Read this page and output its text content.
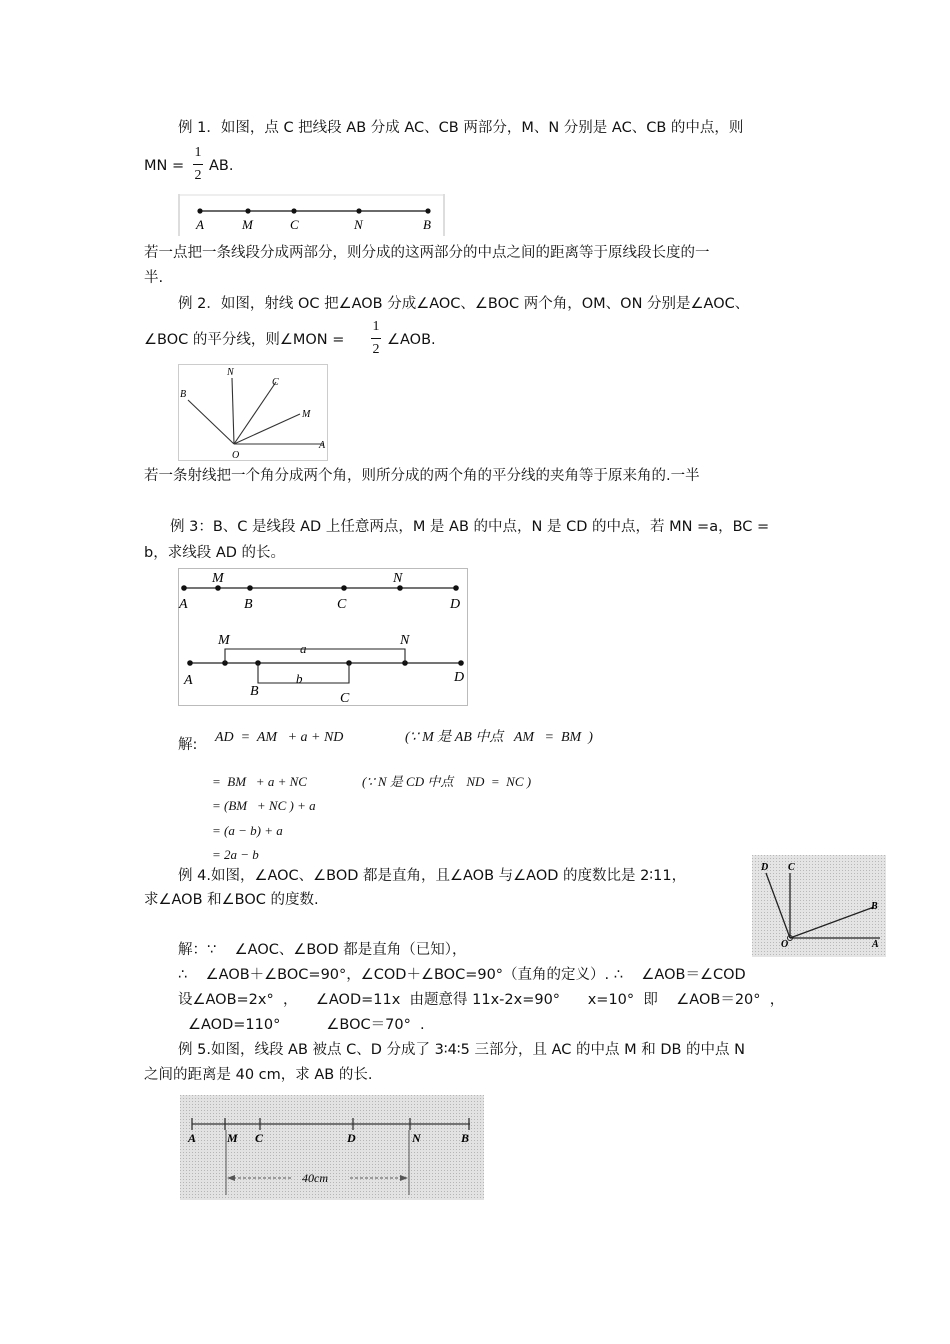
例 1．如图，点 C 把线段 AB 分成 AC、CB 两部分，M、N 分别是 AC、CB 的中点，则
MN =
1
2
AB.
A	M	C	N	B
若一点把一条线段分成两部分，则分成的这两部分的中点之间的距离等于原线段长度的一
半.
例 2．如图，射线 OC 把∠AOB 分成∠AOC、∠BOC 两个角，OM、ON 分别是∠AOC、
∠BOC 的平分线，则∠MON =
1
2
∠AOB.
B
N
C
M
O
A
若一条射线把一个角分成两个角，则所分成的两个角的平分线的夹角等于原来角的.一半
例 3：B、C 是线段 AD 上任意两点，M 是 AB 的中点，N 是 CD 的中点，若 MN =a，BC =
b，求线段 AD 的长。
M	N
A	B	C	D
M
a
N
A
B
b
C
D
解: AD  =  AM   + a + ND	(∵ M 是 AB 中点   AM   =  BM  )
=  BM   + a + NC	(∵ N 是 CD 中点    ND  =  NC )
= (BM   + NC ) + a
= (a − b) + a
= 2a − b
例 4.如图，∠AOC、∠BOD 都是直角，且∠AOB 与∠AOD 的度数比是 2∶11，
求∠AOB 和∠BOC 的度数.
D C
B
O	A
解：∵    ∠AOC、∠BOD 都是直角（已知），
∴    ∠AOB＋∠BOC=90°，∠COD＋∠BOC=90°（直角的定义）. ∴    ∠AOB＝∠COD
设∠AOB=2x°  ，    ∠AOD=11x  由题意得 11x-2x=90°      x=10°  即    ∠AOB＝20°  ，
∠AOD=110°          ∠BOC＝70°  .
例 5.如图，线段 AB 被点 C、D 分成了 3∶4∶5 三部分，且 AC 的中点 M 和 DB 的中点 N
之间的距离是 40 cm，求 AB 的长.
A	M C	D	N	B
40cm
